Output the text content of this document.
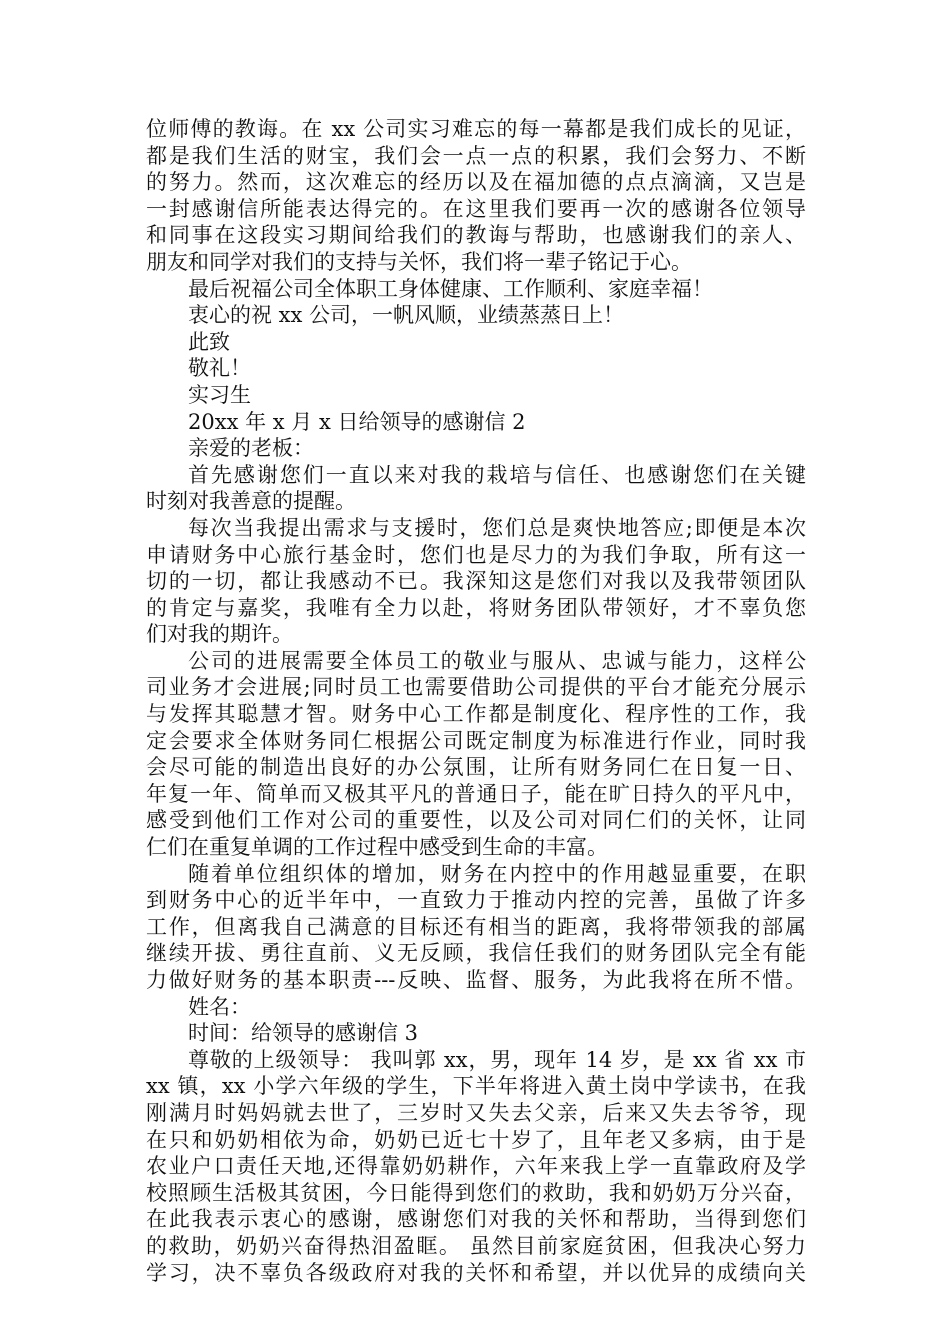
位师傅的教诲。在 xx 公司实习难忘的每一幕都是我们成长的见证，
都是我们生活的财宝，我们会一点一点的积累，我们会努力、不断
的努力。然而，这次难忘的经历以及在福加德的点点滴滴，又岂是
一封感谢信所能表达得完的。在这里我们要再一次的感谢各位领导
和同事在这段实习期间给我们的教诲与帮助，也感谢我们的亲人、
朋友和同学对我们的支持与关怀，我们将一辈子铭记于心。
最后祝福公司全体职工身体健康、工作顺利、家庭幸福！
衷心的祝 xx 公司，一帆风顺，业绩蒸蒸日上！
此致
敬礼！
实习生
20xx 年 x 月 x 日给领导的感谢信 2
亲爱的老板：
首先感谢您们一直以来对我的栽培与信任、也感谢您们在关键
时刻对我善意的提醒。
每次当我提出需求与支援时，您们总是爽快地答应;即便是本次
申请财务中心旅行基金时，您们也是尽力的为我们争取，所有这一
切的一切，都让我感动不已。我深知这是您们对我以及我带领团队
的肯定与嘉奖，我唯有全力以赴，将财务团队带领好，才不辜负您
们对我的期许。
公司的进展需要全体员工的敬业与服从、忠诚与能力，这样公
司业务才会进展;同时员工也需要借助公司提供的平台才能充分展示
与发挥其聪慧才智。财务中心工作都是制度化、程序性的工作，我
定会要求全体财务同仁根据公司既定制度为标准进行作业，同时我
会尽可能的制造出良好的办公氛围，让所有财务同仁在日复一日、
年复一年、简单而又极其平凡的普通日子，能在旷日持久的平凡中，
感受到他们工作对公司的重要性，以及公司对同仁们的关怀，让同
仁们在重复单调的工作过程中感受到生命的丰富。
随着单位组织体的增加，财务在内控中的作用越显重要，在职
到财务中心的近半年中，一直致力于推动内控的完善，虽做了许多
工作，但离我自己满意的目标还有相当的距离，我将带领我的部属
继续开拔、勇往直前、义无反顾，我信任我们的财务团队完全有能
力做好财务的基本职责---反映、监督、服务，为此我将在所不惜。
姓名：
时间：给领导的感谢信 3
尊敬的上级领导： 我叫郭 xx，男，现年 14 岁，是 xx 省 xx 市
xx 镇，xx 小学六年级的学生，下半年将进入黄土岗中学读书，在我
刚满月时妈妈就去世了，三岁时又失去父亲，后来又失去爷爷，现
在只和奶奶相依为命，奶奶已近七十岁了，且年老又多病，由于是
农业户口责任天地,还得靠奶奶耕作，六年来我上学一直靠政府及学
校照顾生活极其贫困，今日能得到您们的救助，我和奶奶万分兴奋，
在此我表示衷心的感谢，感谢您们对我的关怀和帮助，当得到您们
的救助，奶奶兴奋得热泪盈眶。 虽然目前家庭贫困，但我决心努力
学习，决不辜负各级政府对我的关怀和希望，并以优异的成绩向关
